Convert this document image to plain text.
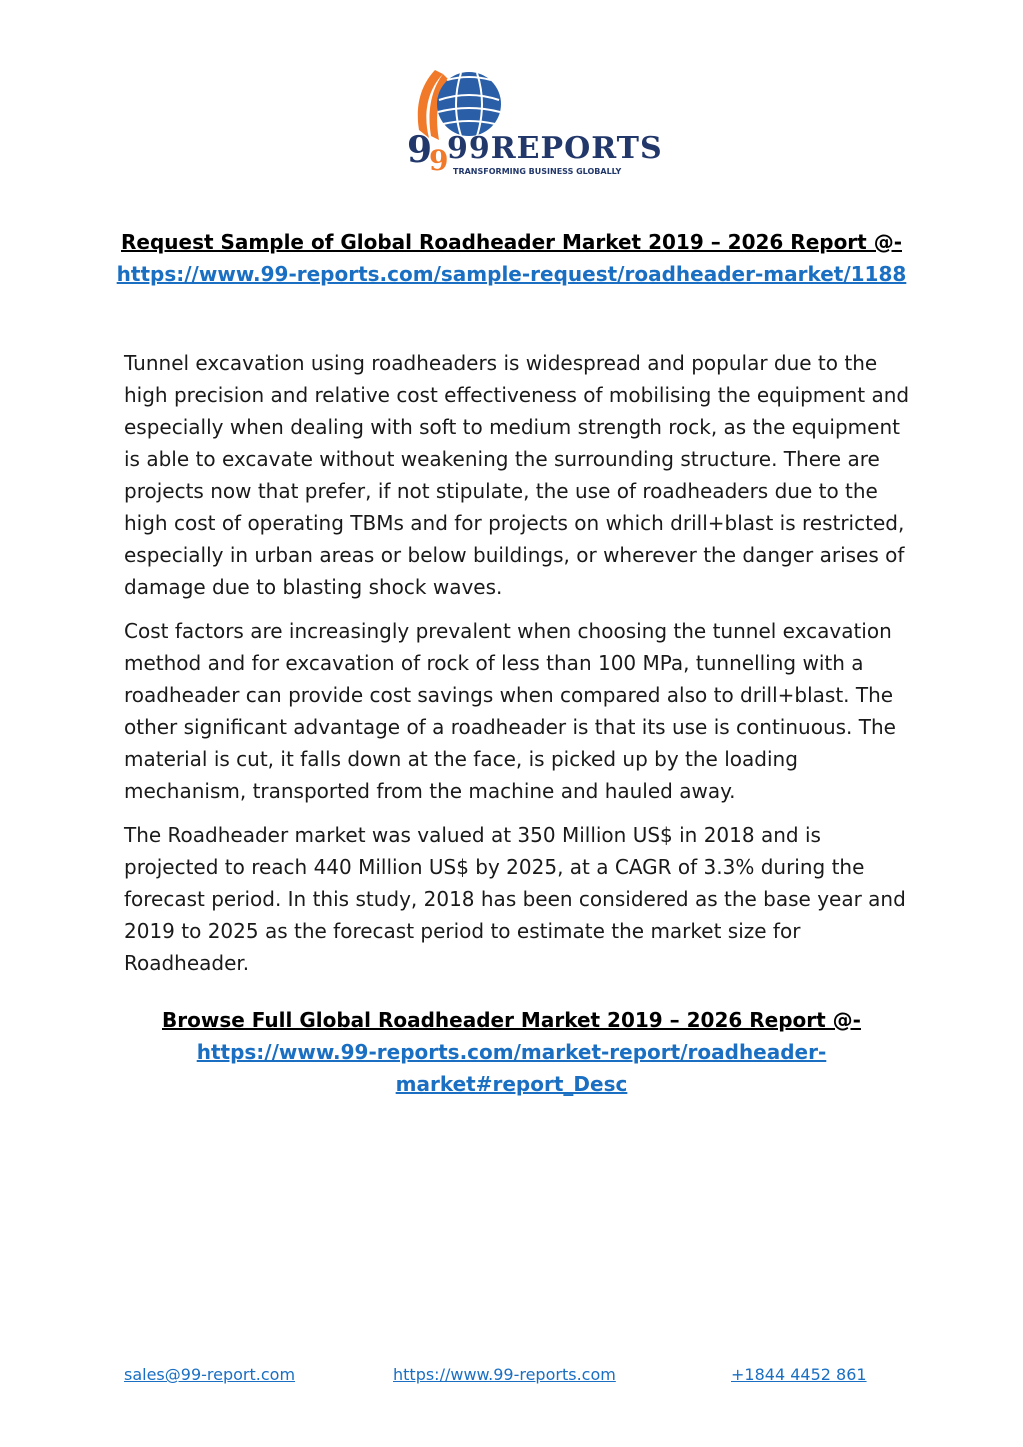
9
9
99REPORTS
TRANSFORMING BUSINESS GLOBALLY
Request Sample of Global Roadheader Market 2019 – 2026 Report @-
https://www.99-reports.com/sample-request/roadheader-market/1188

Tunnel excavation using roadheaders is widespread and popular due to the high precision and relative cost effectiveness of mobilising the equipment and especially when dealing with soft to medium strength rock, as the equipment is able to excavate without weakening the surrounding structure. There are projects now that prefer, if not stipulate, the use of roadheaders due to the high cost of operating TBMs and for projects on which drill+blast is restricted, especially in urban areas or below buildings, or wherever the danger arises of damage due to blasting shock waves.

Cost factors are increasingly prevalent when choosing the tunnel excavation method and for excavation of rock of less than 100 MPa, tunnelling with a roadheader can provide cost savings when compared also to drill+blast. The other significant advantage of a roadheader is that its use is continuous. The material is cut, it falls down at the face, is picked up by the loading mechanism, transported from the machine and hauled away.

The Roadheader market was valued at 350 Million US$ in 2018 and is projected to reach 440 Million US$ by 2025, at a CAGR of 3.3% during the forecast period. In this study, 2018 has been considered as the base year and 2019 to 2025 as the forecast period to estimate the market size for Roadheader.

Browse Full Global Roadheader Market 2019 – 2026 Report @-
https://www.99-reports.com/market-report/roadheader-
market#report_Desc
sales@99-report.com	https://www.99-reports.com	+1844 4452 861
